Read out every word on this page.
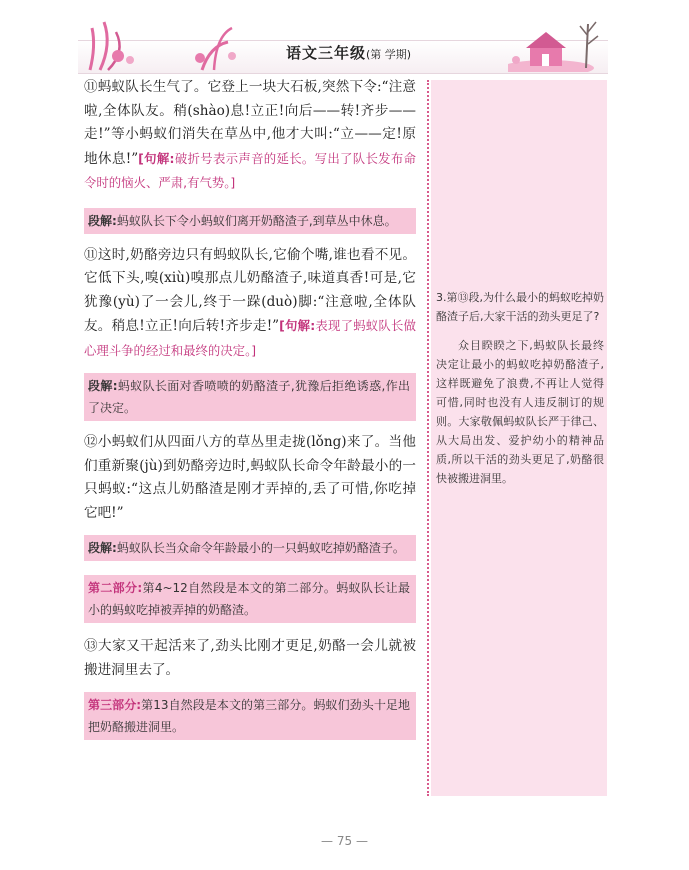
语文三年级(第 学期)

⑪蚂蚁队长生气了。它登上一块大石板,突然下令:“注意啦,全体队友。稍(shào)息!立正!向后——转!齐步——走!”等小蚂蚁们消失在草丛中,他才大叫:“立——定!原地休息!”[句解:破折号表示声音的延长。写出了队长发布命令时的恼火、严肃,有气势。]

段解:蚂蚁队长下令小蚂蚁们离开奶酪渣子,到草丛中休息。

⑪这时,奶酪旁边只有蚂蚁队长,它偷个嘴,谁也看不见。它低下头,嗅(xiù)嗅那点儿奶酪渣子,味道真香!可是,它犹豫(yù)了一会儿,终于一跺(duò)脚:“注意啦,全体队友。稍息!立正!向后转!齐步走!”[句解:表现了蚂蚁队长做心理斗争的经过和最终的决定。]

段解:蚂蚁队长面对香喷喷的奶酪渣子,犹豫后拒绝诱惑,作出了决定。

⑫小蚂蚁们从四面八方的草丛里走拢(lǒng)来了。当他们重新聚(jù)到奶酪旁边时,蚂蚁队长命令年龄最小的一只蚂蚁:“这点儿奶酪渣是刚才弄掉的,丢了可惜,你吃掉它吧!”

段解:蚂蚁队长当众命令年龄最小的一只蚂蚁吃掉奶酪渣子。
第二部分:第4~12自然段是本文的第二部分。蚂蚁队长让最小的蚂蚁吃掉被弄掉的奶酪渣。

⑬大家又干起活来了,劲头比刚才更足,奶酪一会儿就被搬进洞里去了。

第三部分:第13自然段是本文的第三部分。蚂蚁们劲头十足地把奶酪搬进洞里。
3.第⑬段,为什么最小的蚂蚁吃掉奶酪渣子后,大家干活的劲头更足了?
众目睽睽之下,蚂蚁队长最终决定让最小的蚂蚁吃掉奶酪渣子,这样既避免了浪费,不再让人觉得可惜,同时也没有人违反制订的规则。大家敬佩蚂蚁队长严于律己、从大局出发、爱护幼小的精神品质,所以干活的劲头更足了,奶酪很快被搬进洞里。
— 75 —
